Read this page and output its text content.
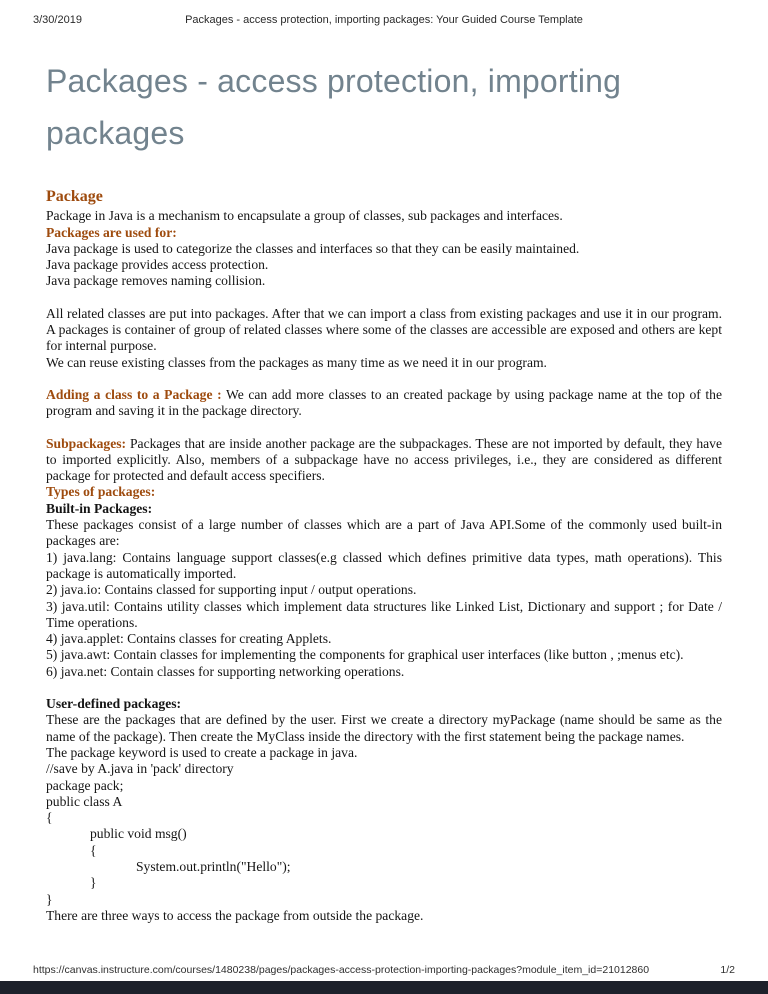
3/30/2019	Packages - access protection, importing packages: Your Guided Course Template
Packages - access protection, importing packages
Package
Package in Java is a mechanism to encapsulate a group of classes, sub packages and interfaces.
Packages are used for:
Java package is used to categorize the classes and interfaces so that they can be easily maintained.
Java package provides access protection.
Java package removes naming collision.
All related classes are put into packages. After that we can import a class from existing packages and use it in our program. A packages is container of group of related classes where some of the classes are accessible are exposed and others are kept for internal purpose.
We can reuse existing classes from the packages as many time as we need it in our program.
Adding a class to a Package : We can add more classes to an created package by using package name at the top of the program and saving it in the package directory.
Subpackages: Packages that are inside another package are the subpackages. These are not imported by default, they have to imported explicitly. Also, members of a subpackage have no access privileges, i.e., they are considered as different package for protected and default access specifiers.
Types of packages:
Built-in Packages:
These packages consist of a large number of classes which are a part of Java API.Some of the commonly used built-in packages are:
1) java.lang: Contains language support classes(e.g classed which defines primitive data types, math operations). This package is automatically imported.
2) java.io: Contains classed for supporting input / output operations.
3) java.util: Contains utility classes which implement data structures like Linked List, Dictionary and support ; for Date / Time operations.
4) java.applet: Contains classes for creating Applets.
5) java.awt: Contain classes for implementing the components for graphical user interfaces (like button , ;menus etc).
6) java.net: Contain classes for supporting networking operations.
User-defined packages:
These are the packages that are defined by the user. First we create a directory myPackage (name should be same as the name of the package). Then create the MyClass inside the directory with the first statement being the package names.
The package keyword is used to create a package in java.
//save by A.java in 'pack' directory
package pack;
public class A
{
public void msg()
{
System.out.println("Hello");
}
}
There are three ways to access the package from outside the package.
https://canvas.instructure.com/courses/1480238/pages/packages-access-protection-importing-packages?module_item_id=21012860	1/2
